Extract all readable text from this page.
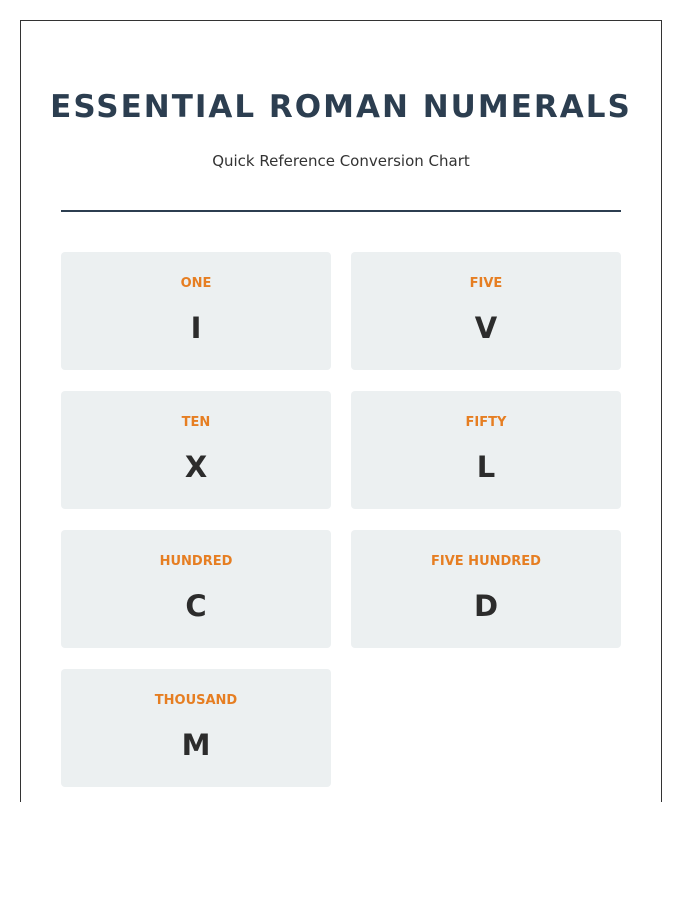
ESSENTIAL ROMAN NUMERALS
Quick Reference Conversion Chart
ONE
I
FIVE
V
TEN
X
FIFTY
L
HUNDRED
C
FIVE HUNDRED
D
THOUSAND
M
